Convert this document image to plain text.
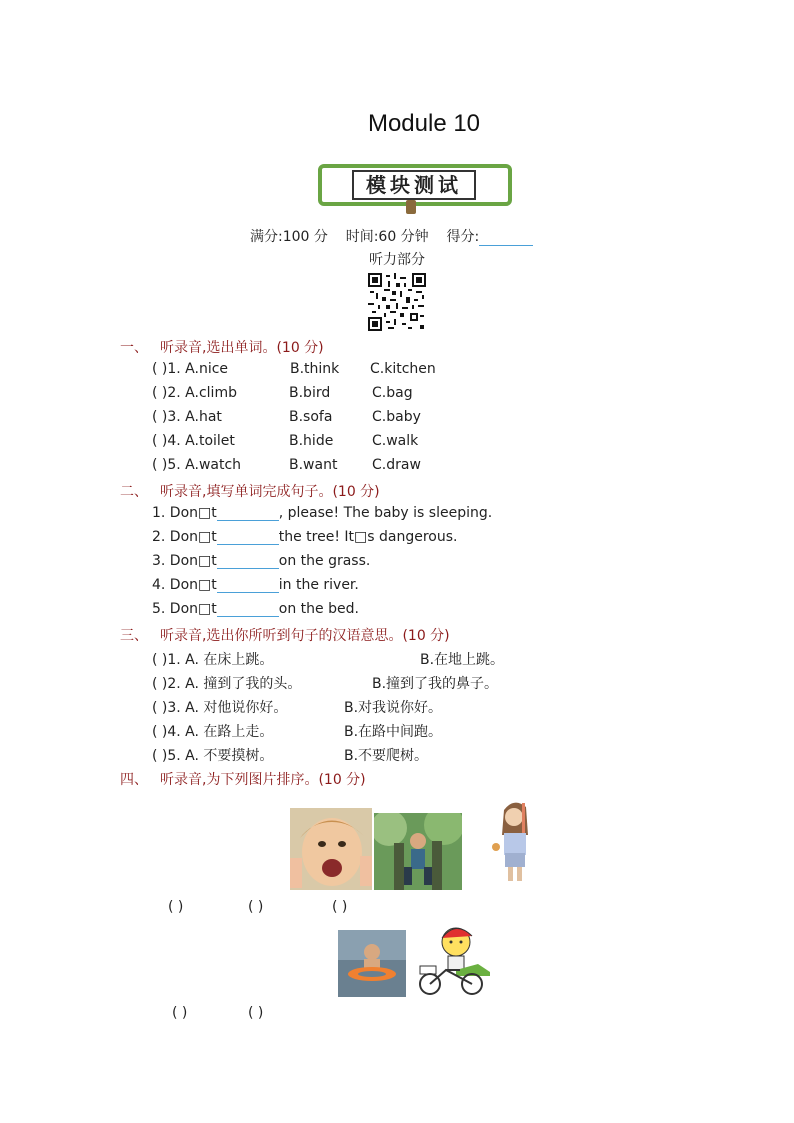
Module 10
模块测试
满分:100 分 时间:60 分钟 得分:
听力部分
一、 听录音,选出单词。(10 分)
( )1. A.nice	B.think C.kitchen
( )2. A.climb	B.bird	C.bag
( )3. A.hat	B.sofa	C.baby
( )4. A.toilet	B.hide	C.walk
( )5. A.watch	B.want C.draw
二、 听录音,填写单词完成句子。(10 分)
1. Don□t	, please! The baby is sleeping.
2. Don□t	the tree! It□s dangerous.
3. Don□t	on the grass.
4. Don□t	in the river.
5. Don□t	on the bed.
三、 听录音,选出你所听到句子的汉语意思。(10 分)
( )1. A. 在床上跳。	B.在地上跳。
( )2. A. 撞到了我的头。	B.撞到了我的鼻子。
( )3. A. 对他说你好。	B.对我说你好。
( )4. A. 在路上走。	B.在路中间跑。
( )5. A. 不要摸树。	B.不要爬树。
四、 听录音,为下列图片排序。(10 分)
( )	( )	( )
( )	( )
